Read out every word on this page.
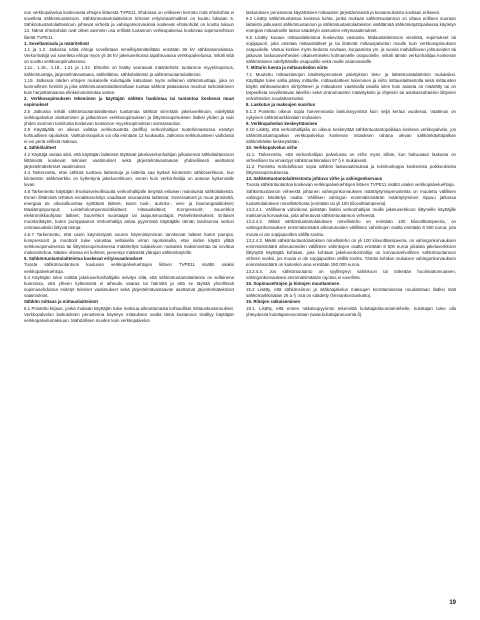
non verkkopalvelua koskevasta ehtojen liitteestä TVPE11. Ehdoissa on eriikseen kerrottu mitä ehtokohtia ei sovelleta sähköntuotantoon. Sähköntuotantolaitteiston tehoset erityisnaarimalleet on kuuttu luksaan 5. Sähköntuotantolaitteistoon johtuvat virheitä ja vahingonkorvauksia koskevat ehtokohdat on koottu lukuun 13. Nämä ehtokohdat ovat olleet aiemmin osa erillistä tuotannon verkkopalvelua koskevaa sopimusehtoon liitettä TVPE11.

1. Soveltamisala ja määritelmät

1.1 ja 1.2. Jatkossa näitä ehtoja sovelletaan nimellisjännitteiltään enintään 36 kV sähköasemalassa. Verkonhaltija voi sovelleta ehtoja myös yli 36 kV jakeluverkossa tapahtuvassa verkkopalvelussa, mikäli siitä on sovittu verkkosopimuksessa.

1.11., 1.15., 1.18., 1.21 ja 1.22. Ehtoihin on lisätty seuraavat määritelmät: tuotannon myyntisopimus, sähköntuottaja, järjestelmävastaava, sähköläitos, sähkölaitteisto ja sähköntuotantolaitteisto.

1.19. Jatkossa näiden ehtojen mukaiselle kuluttajalle katsotaan myös sellainen sähköntuottaja, joka on luonnollinen henkilö ja joka sähköntuotantolaitteistollaan tuottaa sähköä pääasiassa muuhun tarkoitukseen kuin harjoittamaansa elinkeinotoimintaa varten.

2. Verkkosopimuksen tekeminen ja käyttäjän sähkön hankintaa tai tuotantoa koskevat muut sopimukset

2.5 Jatkossa mikäli sähköntuotantolaitteiston tuottamaa sähköä siirretään jakeluverkkoon, edellyttää verkkopalvelun aloittaminen ja jatkaminen verkkosopimuksen ja liittymissopimuksen lisäksi yhden ja vain yhden avoimen toimitusta koskevan tuotannon myyntisopimuksen voimassaoloa.

2.9 Käyttäjällä on oikeus valittaa verkkotuotetta (tariffia) verkonhaltijan tuotehinnastossa esitetyn kohtuullisen rajoituksin. Vaihtamisrajoitus voi olla enintään 12 kuukautta. Jatkossa verkkotuotteen vaihdosta ei voi periä erillistä maksua.

4. Sähkölaitteet

4.2 Käyttäjä vastaa siitä, että käyttäjän laitteistot täyttävät jakeluverkonhaltijan julkaisemat sähkölaitteistoon liittämistä koskevat tekniset vaatimukset sekä järjestelmävastaavan yhdisellisesti asettamat järjestelmätekniset vaatimukset.

4.4 Tarkennettu, ettei sähköä tuottava laitteistoja ja laitteita saa kytkeä kiinteistön sähköverkkoon, kun kiinteistön sähköverkko on kytkettynä jakeluverkkoon, ennen kuin verkonhaltija on antanut kytkennälle luvan.

4.6 Tarkennettu käyttäjän ilmoitusvelvollisuutta verkonhaltijalle tietyistä erilaisen mainituista sähkölaitteista. Ennen liittämistä tehtävä ennakkoselvitys vaaditaan seuraavista laitteista: Generaattorit ja muut jännitettä, energiaa tai oikosulkuvirtaa syöttävät laitteet, kuten tuuli-, aurinko-, vesi- ja bioenergialaitokset; Maalämpöpumput; Loistehokompensointilaitteet; Hitsauslaitteet; Kompressorit; Suurehkot elektroniikkaohjatut laitteet; Suurehkot suuntaajat tai taajuusmuuttajat; Palvelinkeskukset; Erilaiset moottorikäytöt, kuten pumppaamot Verkonhaltija antaa pyynnöstä käyttäjälle tämän tarvitsemia verkon ominaisuuksiin liittyviä tietoja.

4.6.7 Tarkennettu, että usein käynnistyvät suuren käynnistysvirran tarvitsevat laitteet kuten pumput, kompressorit ja moottorit tulee varustaa sellaisella virran rajoituksella, ettei niiden käyttö yllätä verkkosopimuksessa tai liittymissopimuksessa määriteltyä sulakekoon mukaista maksimivirtaa tai sovittua maksimitehoa. Näiden ohessa eri kohteet, pienempi määrästä ylärajan sähkönkäytölle.

5. Sähköntuotantolaitteistoa koskevat erityisvaatimukset

Tuosta sähköntuotantoon kuuluvan verkkopalveluehtojen liitteen TVPE11 sisältö osaksi verkkopalveluehtoja.

5.4 Käyttäjän tulee esittää jakeluverkonhaltijalle selvitys siitä, että sähköntuotantolaitteisto on sellainena kunnossa, että yhteen kytkemistä ei aiheudu vaaraa tai häiriöitä ja että se täyttää yhsöllössä sopimusehdoissa esitetyt tekniset vaatimukset sekä järjestelmävastaavan asettamat järjestelmätekniset vaatimukset.

Sähkön mittaus ja mittauslaitteistot

6.1 Poistettu kirjaus, jonka mukaan käyttäjän tulee maksua aiheuttamasta kohtuulliset mittauskustannukset. Verkkopalvelun laskutuksen perusteena käytetyn mittauksen osalta tämä kustannus sisältyy käyttäjän verkkopalvelumaksuun. Mahdollisen muiden kuin verkkopalvelun

laskutuksen perusteena käytettävien mittausten järjestämisestä ja kustannuksista sovitaan erikseen.

6.2 Lisätty sähköntuotantoa koskeva kohta, jonka mukaan sähköntuotannon on oltava erillinen suoraan laitteisto jatkuvasti sähköntuotannon ja sähköntuotantolaitteiston sisältämää sähkönkäyttöpaikassa käytetyn energian mittaukselle laissa säädetyin asetusten erityisvaatimukset.

6.5 Lisätty kuvaus mittauslaitteistoa koskevista vastuista. Mittauslaitteistoon viestintä, sopimukset tai sopijapuoli, joka omistaa mittauslaitteet ja tai liitännät mittauspalvelun muulle kuin verkkosopimuksen osapuolelle. Vastuu koskee myös tiedosto sovitaan, korjaamista ym. ja vuosia mahdolliseen johtuneiden tai jatkuvan laskutusverheiden oikaisemiseksi kolmannelle osapuolelle, mikäli tämän verkonhaltijaa koskevan sähkömäinen edellyttämille osapuolille sekä muille asianosaisille.

7. Mittarin luenta ja mittaustiedon siirto

7.1 Muutettu mittaustietojen käsittelyperusteet päivityksen tieto- ja laitteistosäädäntöön mukaisiksi. Käyttäjän tulee sallia pääsy mittarille, mittauslaitteen lukeminen ja siirto mittauslaitteistolla sekä mittausten käyttö sähköasiseden siirtyöhteen ja mittauksen vaatimalla tavalla siten kuin asiasta on määrätty tai on tarpeellista sovellettavan lakeihin sekä viranomaisten määräyksiin ja ohjeisiin tai asiakassuhteisiin liittyvien velvoitteiden noudattamiseksi.

8. Laskutus ja maksujen suoritus

8.1.3 Poistettu oikeus sopia harvemmasta laskuissyymistä kuin neljä kertaa vuodessa. Vaatimus on nykyisen sähkömarkkinalain mukainen.

9. Verkkopalvelun keskeyttäminen

9.10 Lisätty, että verkonhaltijalla on oikeus keskeyttää sähköntuotantopaikkaa koskeva verkkopalvelu, jos sähköntuotantopaikan verkkopalvelua koskevan mitauksen rahana olevan sähkönkäyttöpaikan sähkönkäske keskeytetään.

10. Verkkopalvelun virhe

11.1. Tarkennettu, että verkonhaltijan palvelussa on virhe myös silloin, kun haltuutaan laskusta on virheellisen tai virvastyyt sähkömarkkinalain 97 § n mukaisesti.

11.2. Poistettu mahdollisuus sopia sähkön laatuvaatimuksia ja toimituskoppa koskevista poikkeuksista liittymissopimuksessa.

13. Sähköntuotantolaitteistosta johtuva virhe ja vahingonkorvaus

Tuosta sähköntuotantoa koskevan verkkopalveluehtojen liitteen TVPE11 sisältö osaksi verkkopalveluehtoja.

Sähköntuotannon virheestä johtunen vahingonkorvauksen määräytymisperusteista on muutettu välillisen vahingon käsittelyn osalta. Välillisen vahingon enimmäismäärän määräytyminen riippuu jatkossa tuotantolaitoksen nimellistehosta (enintään tai yli 100 kilovolttiampeeria).

13.2.4.1. Välillisenä vahinkona pidetään lisäksi verkonhaltijan muille jakeluverkkoon liittyneille käyttäjille maksamia korvauksia, joita aiheutuvat sähköntuotannon virheestä.

13.2.4.2. Mikäli sähköntuotantolaitoksen nimellisteho on enintään 100 kilovolttiampeeria, on vahingonkorvauksen enimmäismäärä aiheutuneiden välillisten vahinkojen osalta enintään 8 500 euroa, jota muuta ei ole sopijapuolten välillä sovittu.

13.2.4.3. Mikäli sähköntuotantolaitoksen nimellisteho on yli 100 kilovolttiampeeria, on vahingonkorvauksen enimmäismäärä aiheutuneiden välillisten vahinkojen osalta enintään 8 500 euroa jokaista jakeluverkkoon liittynyttä käyttäjää kohtaan, joita kohtaan jakeluverkonhaltija on korvausvelvollinen sähköntuotannon virheen vuoksi, jos muuta ei ole sopijapuolten välillä sovittu. Tämän kohdan mukaisen vahingonkorvauksen enimmäismäärä on kuitenkin aina enintään 150 000 euroa.

13.2.4.4. Jos sähköntuotanto on syyllistynyt vahinkoon tai törkeään huolimattomuuteen, vahingonkorvauksen enimmäismäärän rajoitus ei sovelleta.

15. Sopimusehtojen ja hintojen muuttaminen

15.2 Lisätty, että sähkönsiirron ja sähköajakelun maksujen korottamisessa noudatetaan lisäksi mitä sähkömarkkinalain 26 a § :ssä on säädetty (hinnankorotuskatto).

19. Riitojen ratkaiseminen

19.1. Lisätty, että ennen ratkaisupyynnön tekemistä kuluttajariita-asiamiehelle, kuluttajan tulee olla yhteydessä kuluttajaneuvontaan (www.kuluttajaneuvonta.fi).

19
